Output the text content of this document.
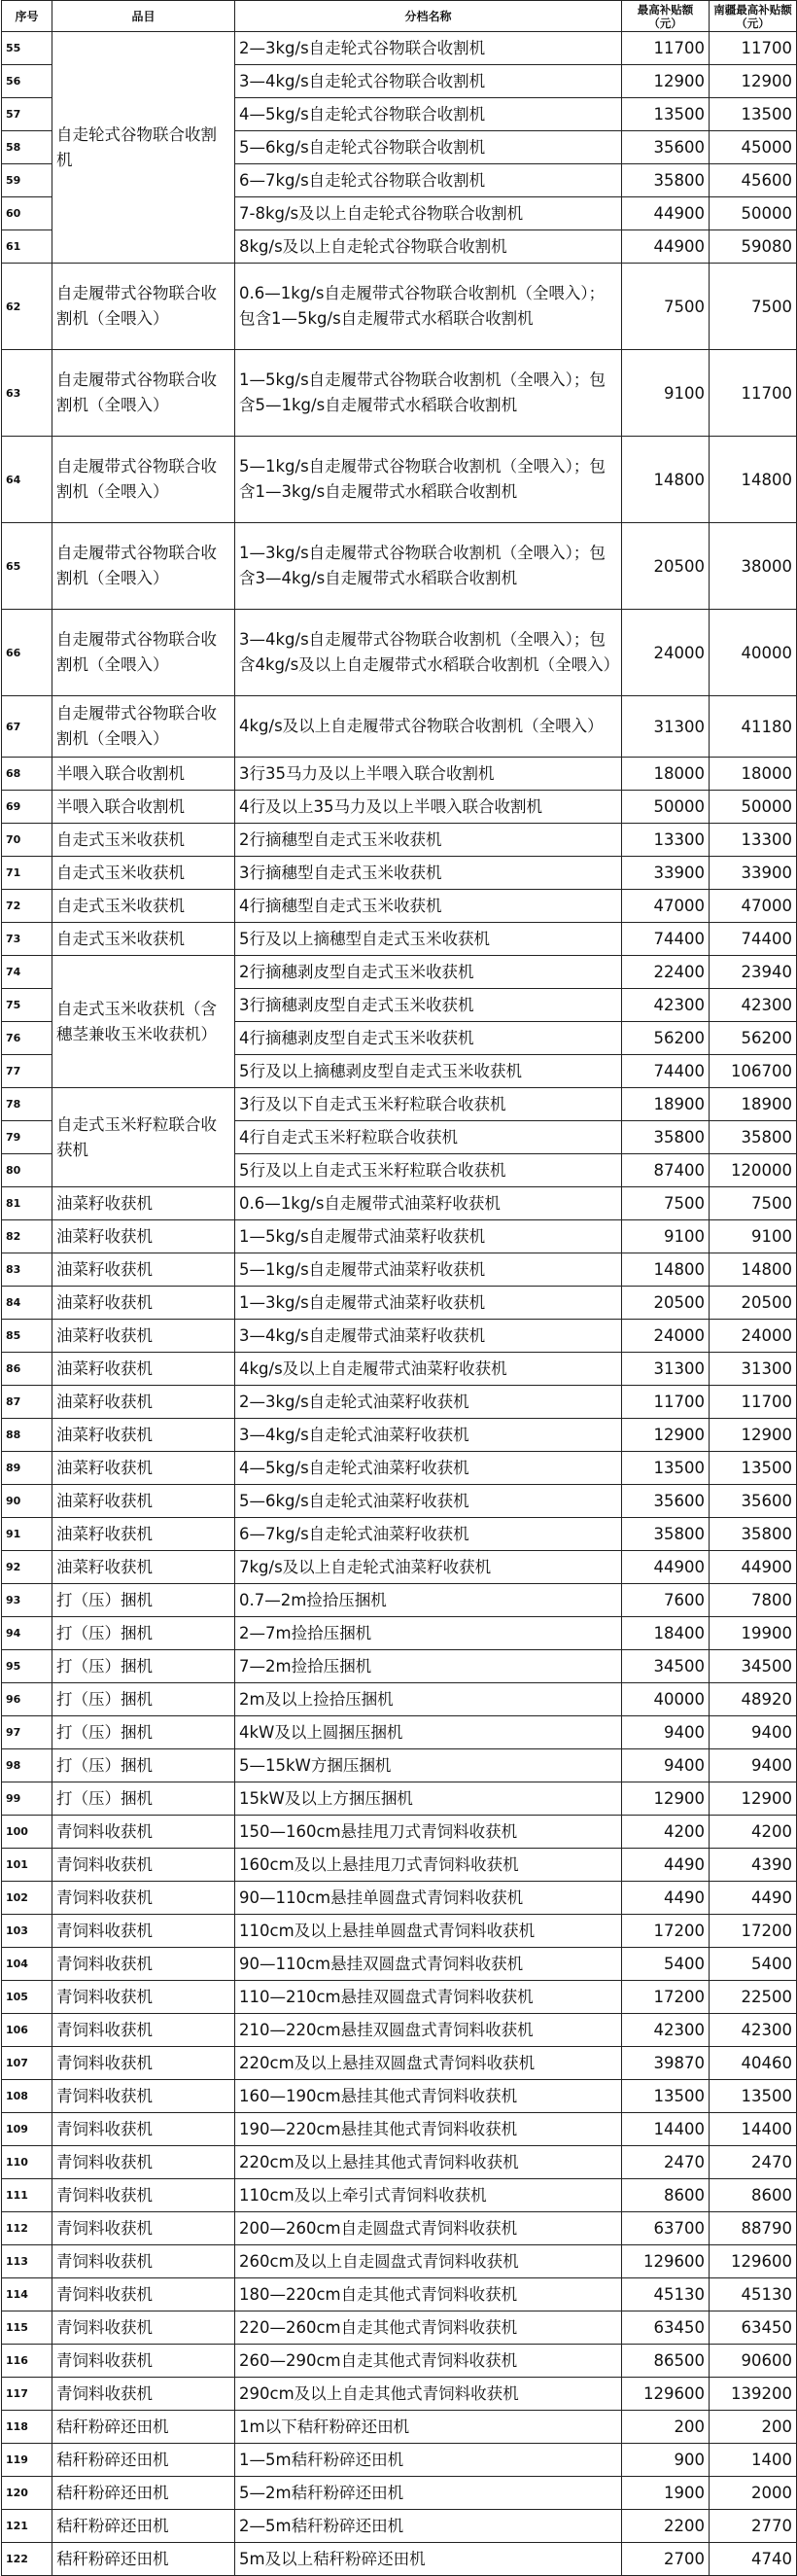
序号	品目	分档名称	最高补贴额（元）	南疆最高补贴额（元）
55	自走轮式谷物联合收割机	2—3kg/s自走轮式谷物联合收割机	11700	11700
56		3—4kg/s自走轮式谷物联合收割机	12900	12900
57		4—5kg/s自走轮式谷物联合收割机	13500	13500
58		5—6kg/s自走轮式谷物联合收割机	35600	45000
59		6—7kg/s自走轮式谷物联合收割机	35800	45600
60		7-8kg/s及以上自走轮式谷物联合收割机	44900	50000
61		8kg/s及以上自走轮式谷物联合收割机	44900	59080
62	自走履带式谷物联合收割机（全喂入）	0.6—1kg/s自走履带式谷物联合收割机（全喂入）；包含1—5kg/s自走履带式水稻联合收割机	7500	7500
63	自走履带式谷物联合收割机（全喂入）	1—5kg/s自走履带式谷物联合收割机（全喂入）；包含5—1kg/s自走履带式水稻联合收割机	9100	11700
64	自走履带式谷物联合收割机（全喂入）	5—1kg/s自走履带式谷物联合收割机（全喂入）；包含1—3kg/s自走履带式水稻联合收割机	14800	14800
65	自走履带式谷物联合收割机（全喂入）	1—3kg/s自走履带式谷物联合收割机（全喂入）；包含3—4kg/s自走履带式水稻联合收割机	20500	38000
66	自走履带式谷物联合收割机（全喂入）	3—4kg/s自走履带式谷物联合收割机（全喂入）；包含4kg/s及以上自走履带式水稻联合收割机（全喂入）	24000	40000
67	自走履带式谷物联合收割机（全喂入）	4kg/s及以上自走履带式谷物联合收割机（全喂入）	31300	41180
68	半喂入联合收割机	3行35马力及以上半喂入联合收割机	18000	18000
69	半喂入联合收割机	4行及以上35马力及以上半喂入联合收割机	50000	50000
70	自走式玉米收获机	2行摘穗型自走式玉米收获机	13300	13300
71	自走式玉米收获机	3行摘穗型自走式玉米收获机	33900	33900
72	自走式玉米收获机	4行摘穗型自走式玉米收获机	47000	47000
73	自走式玉米收获机	5行及以上摘穗型自走式玉米收获机	74400	74400
74	自走式玉米收获机（含穗茎兼收玉米收获机）	2行摘穗剥皮型自走式玉米收获机	22400	23940
75		3行摘穗剥皮型自走式玉米收获机	42300	42300
76		4行摘穗剥皮型自走式玉米收获机	56200	56200
77		5行及以上摘穗剥皮型自走式玉米收获机	74400	106700
78	自走式玉米籽粒联合收获机	3行及以下自走式玉米籽粒联合收获机	18900	18900
79		4行自走式玉米籽粒联合收获机	35800	35800
80		5行及以上自走式玉米籽粒联合收获机	87400	120000
81	油菜籽收获机	0.6—1kg/s自走履带式油菜籽收获机	7500	7500
82	油菜籽收获机	1—5kg/s自走履带式油菜籽收获机	9100	9100
83	油菜籽收获机	5—1kg/s自走履带式油菜籽收获机	14800	14800
84	油菜籽收获机	1—3kg/s自走履带式油菜籽收获机	20500	20500
85	油菜籽收获机	3—4kg/s自走履带式油菜籽收获机	24000	24000
86	油菜籽收获机	4kg/s及以上自走履带式油菜籽收获机	31300	31300
87	油菜籽收获机	2—3kg/s自走轮式油菜籽收获机	11700	11700
88	油菜籽收获机	3—4kg/s自走轮式油菜籽收获机	12900	12900
89	油菜籽收获机	4—5kg/s自走轮式油菜籽收获机	13500	13500
90	油菜籽收获机	5—6kg/s自走轮式油菜籽收获机	35600	35600
91	油菜籽收获机	6—7kg/s自走轮式油菜籽收获机	35800	35800
92	油菜籽收获机	7kg/s及以上自走轮式油菜籽收获机	44900	44900
93	打（压）捆机	0.7—2m捡拾压捆机	7600	7800
94	打（压）捆机	2—7m捡拾压捆机	18400	19900
95	打（压）捆机	7—2m捡拾压捆机	34500	34500
96	打（压）捆机	2m及以上捡拾压捆机	40000	48920
97	打（压）捆机	4kW及以上圆捆压捆机	9400	9400
98	打（压）捆机	5—15kW方捆压捆机	9400	9400
99	打（压）捆机	15kW及以上方捆压捆机	12900	12900
100	青饲料收获机	150—160cm悬挂甩刀式青饲料收获机	4200	4200
101	青饲料收获机	160cm及以上悬挂甩刀式青饲料收获机	4490	4390
102	青饲料收获机	90—110cm悬挂单圆盘式青饲料收获机	4490	4490
103	青饲料收获机	110cm及以上悬挂单圆盘式青饲料收获机	17200	17200
104	青饲料收获机	90—110cm悬挂双圆盘式青饲料收获机	5400	5400
105	青饲料收获机	110—210cm悬挂双圆盘式青饲料收获机	17200	22500
106	青饲料收获机	210—220cm悬挂双圆盘式青饲料收获机	42300	42300
107	青饲料收获机	220cm及以上悬挂双圆盘式青饲料收获机	39870	40460
108	青饲料收获机	160—190cm悬挂其他式青饲料收获机	13500	13500
109	青饲料收获机	190—220cm悬挂其他式青饲料收获机	14400	14400
110	青饲料收获机	220cm及以上悬挂其他式青饲料收获机	2470	2470
111	青饲料收获机	110cm及以上牵引式青饲料收获机	8600	8600
112	青饲料收获机	200—260cm自走圆盘式青饲料收获机	63700	88790
113	青饲料收获机	260cm及以上自走圆盘式青饲料收获机	129600	129600
114	青饲料收获机	180—220cm自走其他式青饲料收获机	45130	45130
115	青饲料收获机	220—260cm自走其他式青饲料收获机	63450	63450
116	青饲料收获机	260—290cm自走其他式青饲料收获机	86500	90600
117	青饲料收获机	290cm及以上自走其他式青饲料收获机	129600	139200
118	秸秆粉碎还田机	1m以下秸秆粉碎还田机	200	200
119	秸秆粉碎还田机	1—5m秸秆粉碎还田机	900	1400
120	秸秆粉碎还田机	5—2m秸秆粉碎还田机	1900	2000
121	秸秆粉碎还田机	2—5m秸秆粉碎还田机	2200	2770
122	秸秆粉碎还田机	5m及以上秸秆粉碎还田机	2700	4740
